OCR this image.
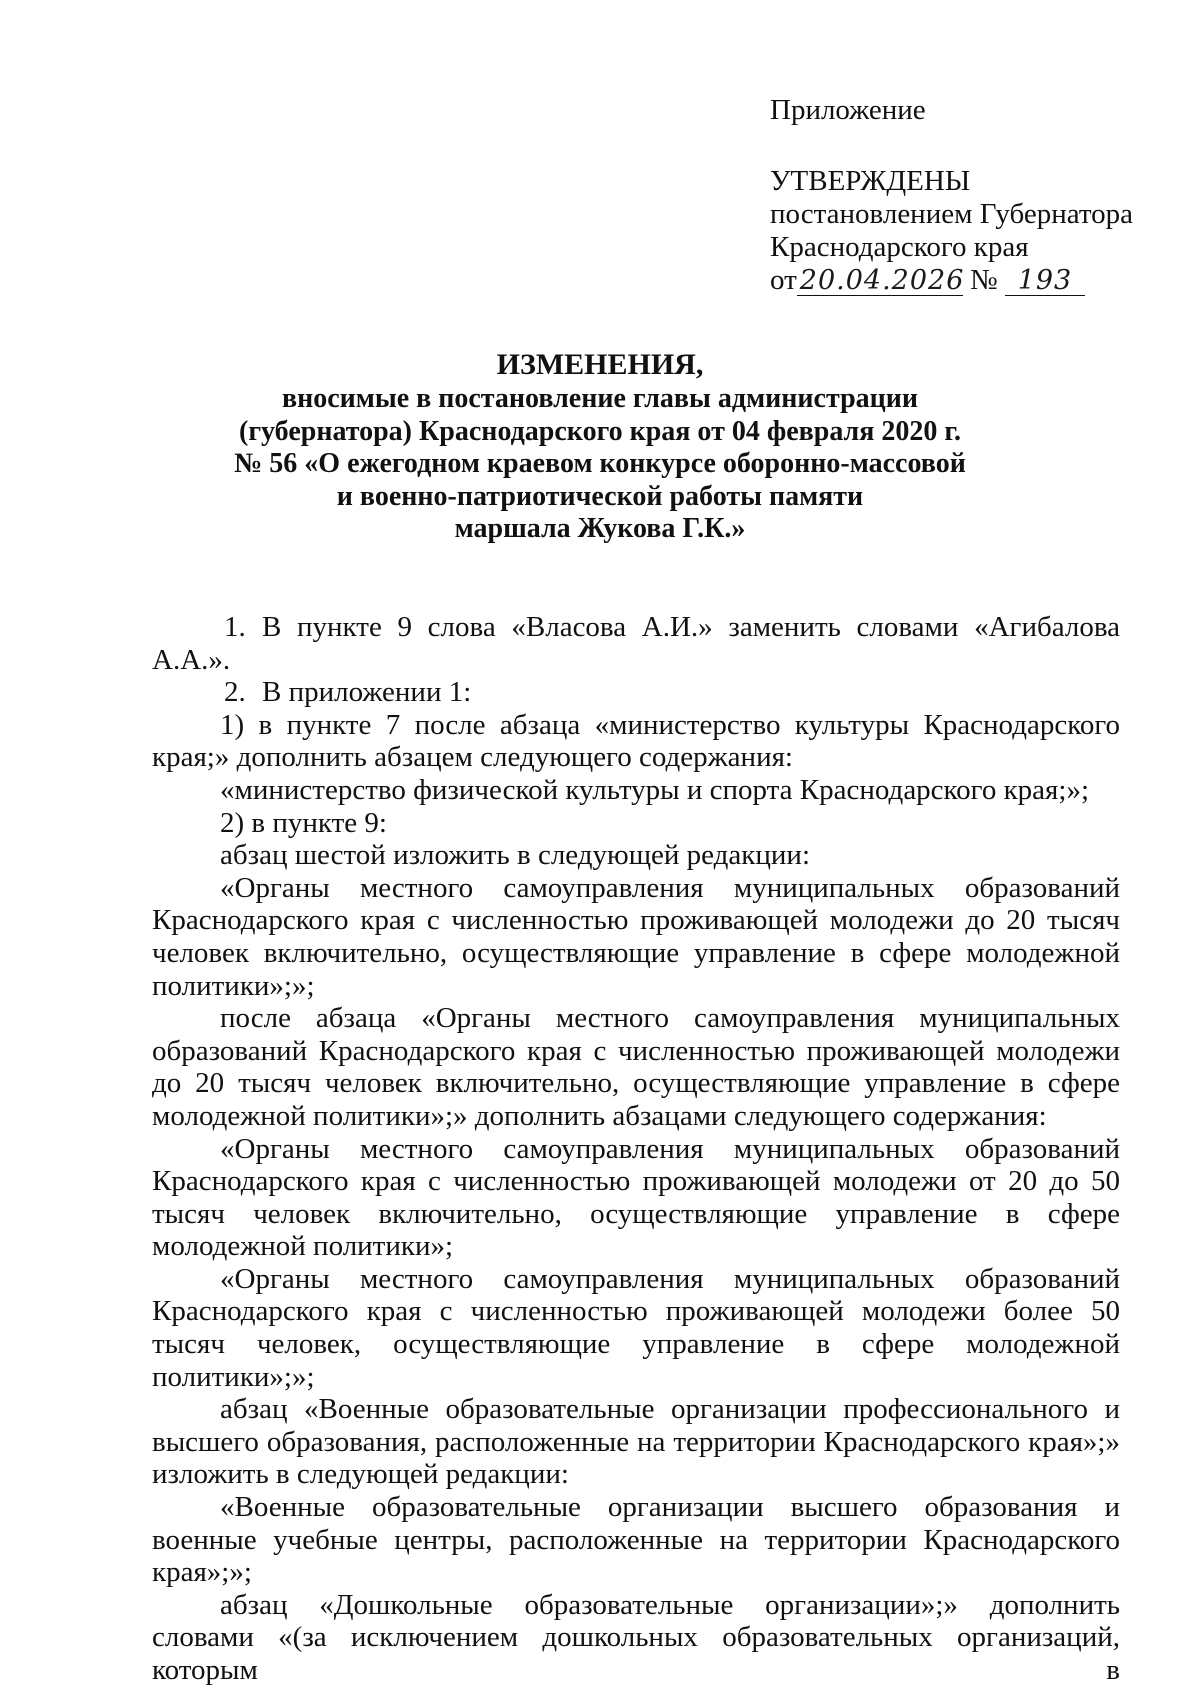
Приложение
УТВЕРЖДЕНЫ
постановлением Губернатора
Краснодарского края
от 20.04.2026 № 193
ИЗМЕНЕНИЯ,
вносимые в постановление главы администрации
(губернатора) Краснодарского края от 04 февраля 2020 г.
№ 56 «О ежегодном краевом конкурсе оборонно-массовой
и военно-патриотической работы памяти
маршала Жукова Г.К.»

1. В пункте 9 слова «Власова А.И.» заменить словами «Агибалова А.А.».

2. В приложении 1:

1) в пункте 7 после абзаца «министерство культуры Краснодарского края;» дополнить абзацем следующего содержания:

«министерство физической культуры и спорта Краснодарского края;»;

2) в пункте 9:

абзац шестой изложить в следующей редакции:

«Органы местного самоуправления муниципальных образований Краснодарского края с численностью проживающей молодежи до 20 тысяч человек включительно, осуществляющие управление в сфере молодежной политики»;»;

после абзаца «Органы местного самоуправления муниципальных образований Краснодарского края с численностью проживающей молодежи до 20 тысяч человек включительно, осуществляющие управление в сфере молодежной политики»;» дополнить абзацами следующего содержания:

«Органы местного самоуправления муниципальных образований Краснодарского края с численностью проживающей молодежи от 20 до 50 тысяч человек включительно, осуществляющие управление в сфере молодежной политики»;

«Органы местного самоуправления муниципальных образований Краснодарского края с численностью проживающей молодежи более 50 тысяч человек, осуществляющие управление в сфере молодежной политики»;»;

абзац «Военные образовательные организации профессионального и высшего образования, расположенные на территории Краснодарского края»;» изложить в следующей редакции:

«Военные образовательные организации высшего образования и военные учебные центры, расположенные на территории Краснодарского края»;»;

абзац «Дошкольные образовательные организации»;» дополнить словами «(за исключением дошкольных образовательных организаций, которым в
